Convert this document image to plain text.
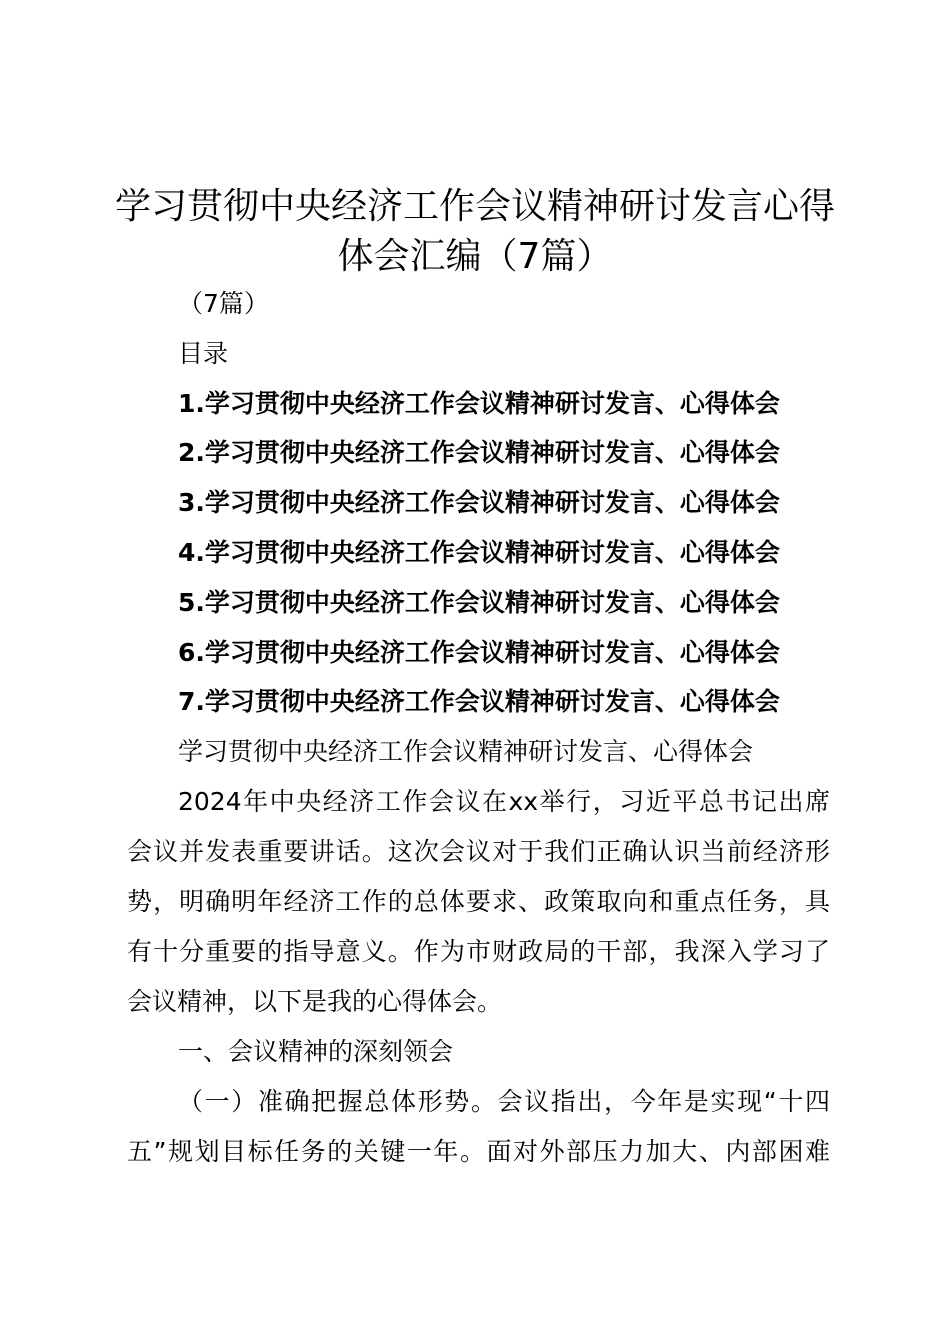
学习贯彻中央经济工作会议精神研讨发言心得
体会汇编（7篇）

（7篇）

目录

1.学习贯彻中央经济工作会议精神研讨发言、心得体会

2.学习贯彻中央经济工作会议精神研讨发言、心得体会

3.学习贯彻中央经济工作会议精神研讨发言、心得体会

4.学习贯彻中央经济工作会议精神研讨发言、心得体会

5.学习贯彻中央经济工作会议精神研讨发言、心得体会

6.学习贯彻中央经济工作会议精神研讨发言、心得体会

7.学习贯彻中央经济工作会议精神研讨发言、心得体会

学习贯彻中央经济工作会议精神研讨发言、心得体会

2024年中央经济工作会议在xx举行，习近平总书记出席

会议并发表重要讲话。这次会议对于我们正确认识当前经济形

势，明确明年经济工作的总体要求、政策取向和重点任务，具

有十分重要的指导意义。作为市财政局的干部，我深入学习了

会议精神，以下是我的心得体会。

一、会议精神的深刻领会

（一）准确把握总体形势。会议指出，今年是实现“十四

五”规划目标任务的关键一年。面对外部压力加大、内部困难
